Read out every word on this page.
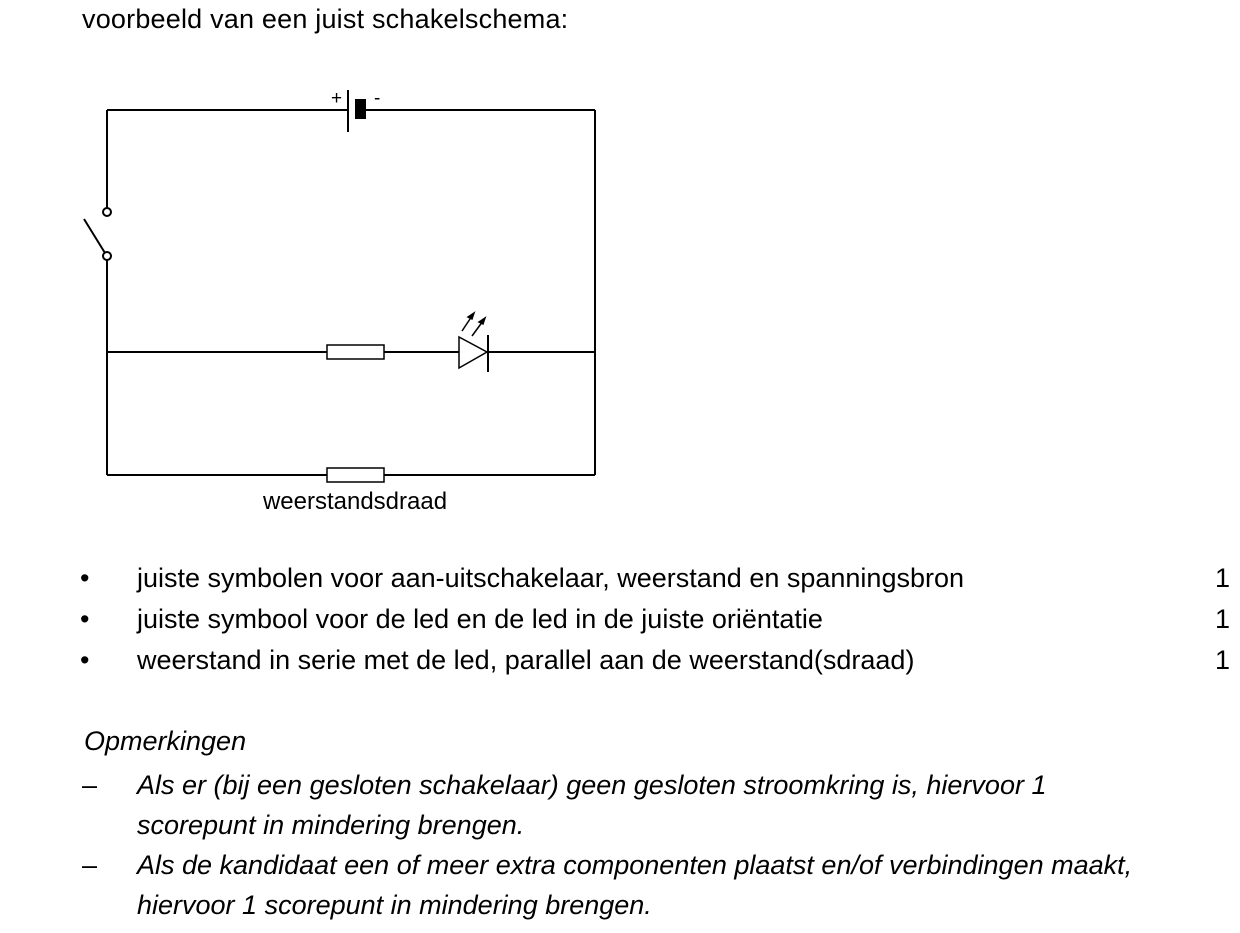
voorbeeld van een juist schakelschema:
+ -
weerstandsdraad
• juiste symbolen voor aan-uitschakelaar, weerstand en spanningsbron	1
• juiste symbool voor de led en de led in de juiste oriëntatie	1
• weerstand in serie met de led, parallel aan de weerstand(sdraad)	1
Opmerkingen
– Als er (bij een gesloten schakelaar) geen gesloten stroomkring is, hiervoor 1 scorepunt in mindering brengen.
– Als de kandidaat een of meer extra componenten plaatst en/of verbindingen maakt, hiervoor 1 scorepunt in mindering brengen.
